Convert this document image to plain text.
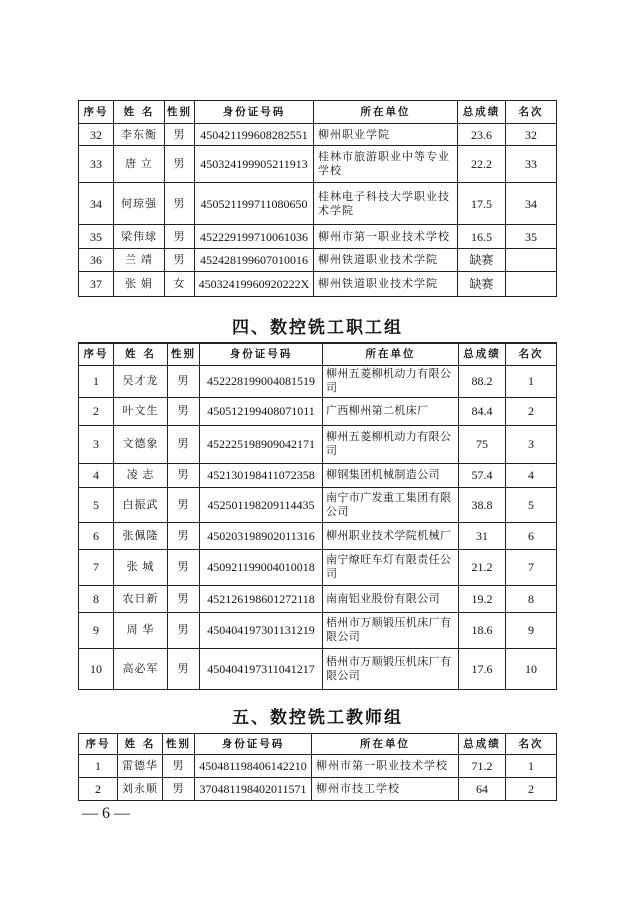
序号	姓 名	性别	身份证号码	所在单位	总成绩	名次
32	李东衡	男	450421199608282551	柳州职业学院	23.6	32
33	唐 立	男	450324199905211913	桂林市旅游职业中等专业学校	22.2	33
34	何琼强	男	450521199711080650	桂林电子科技大学职业技术学院	17.5	34
35	梁伟球	男	452229199710061036	柳州市第一职业技术学校	16.5	35
36	兰 靖	男	452428199607010016	柳州铁道职业技术学院	缺赛	
37	张 娟	女	45032419960920222X	柳州铁道职业技术学院	缺赛	
四、数控铣工职工组
序号	姓 名	性别	身份证号码	所在单位	总成绩	名次
1	吴才龙	男	452228199004081519	柳州五菱柳机动力有限公司	88.2	1
2	叶文生	男	450512199408071011	广西柳州第二机床厂	84.4	2
3	文德象	男	452225198909042171	柳州五菱柳机动力有限公司	75	3
4	凌 志	男	452130198411072358	柳钢集团机械制造公司	57.4	4
5	白振武	男	452501198209114435	南宁市广发重工集团有限公司	38.8	5
6	张佩隆	男	450203198902011316	柳州职业技术学院机械厂	31	6
7	张 城	男	450921199004010018	南宁燎旺车灯有限责任公司	21.2	7
8	农日新	男	452126198601272118	南南铝业股份有限公司	19.2	8
9	周 华	男	450404197301131219	梧州市万顺锻压机床厂有限公司	18.6	9
10	高必军	男	450404197311041217	梧州市万顺锻压机床厂有限公司	17.6	10
五、数控铣工教师组
序号	姓 名	性别	身份证号码	所在单位	总成绩	名次
1	雷德华	男	450481198406142210	柳州市第一职业技术学校	71.2	1
2	刘永顺	男	370481198402011571	柳州市技工学校	64	2
— 6 —
